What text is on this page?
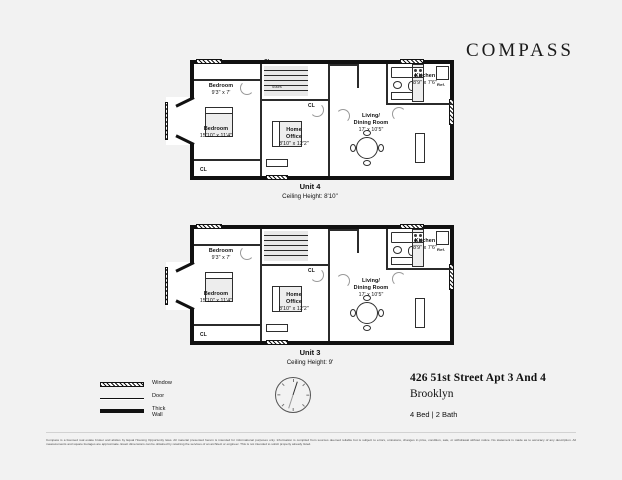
COMPASS
Stairs	Ref.
CL
CL
CL
Bedroom
9'3" x 7'
Bedroom
15'10" x 11'4"
Home
Office
8'10" x 12'2"
Living/
Dining Room
17' x 10'5"
Kitchen
8'9" x 7'6"
Unit 4
Ceiling Height: 8'10"
Ref.
CL
CL
Bedroom
9'3" x 7'
Bedroom
15'10" x 11'4"
Home
Office
8'10" x 12'2"
Living/
Dining Room
17' x 10'5"
Kitchen
8'9" x 7'6"
Unit 3
Ceiling Height: 9'
Window
Door
Thick Wall
426 51st Street Apt 3 And 4
Brooklyn
4 Bed | 2 Bath
Compass is a licensed real estate broker and abides by Equal Housing Opportunity laws. All material presented herein is intended for informational purposes only. Information is compiled from sources deemed reliable but is subject to errors, omissions, changes in price, condition, sale, or withdrawal without notice. No statement is made as to accuracy of any description. All measurements and square footages are approximate. Exact dimensions can be obtained by retaining the services of an architect or engineer. This is not intended to solicit property already listed.
